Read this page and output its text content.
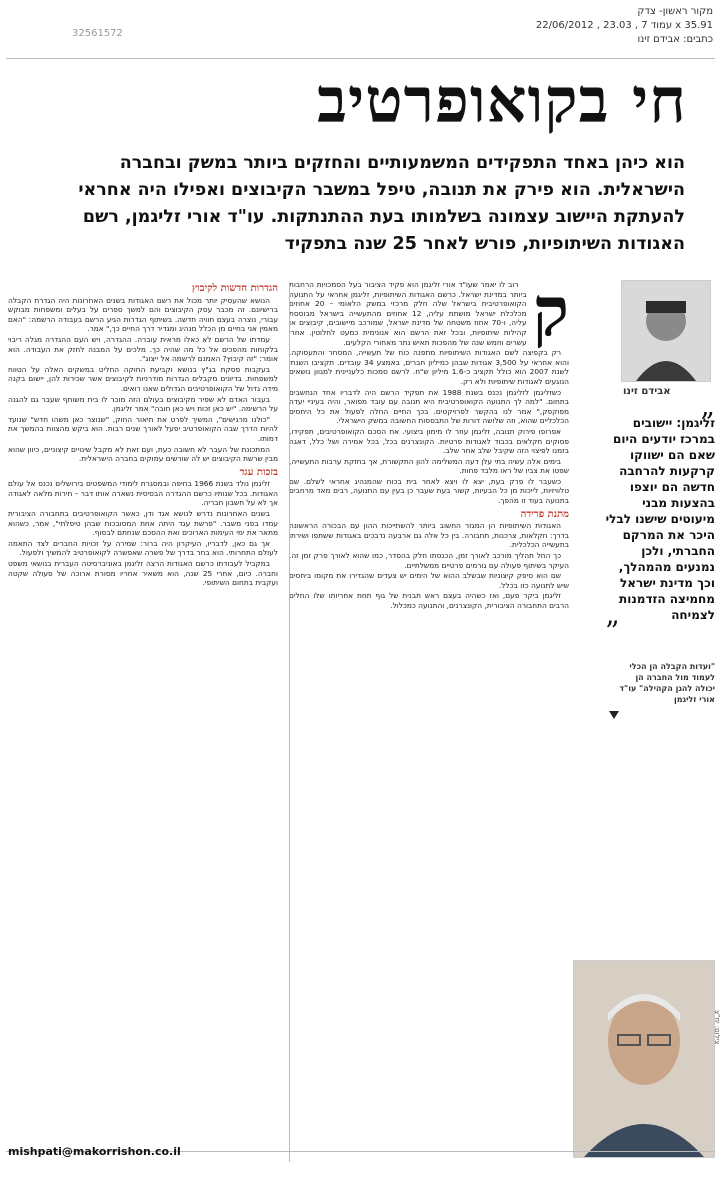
מקור ראשון- צדק
22/06/2012 , עמוד 7 , 23.03 x 35.91
כתבים: אבידם זינו
32561572
חי בקואופרטיב
הוא כיהן באחד התפקידים המשמעותיים והחזקים ביותר במשק ובחברה הישראלית. הוא פירק את תנובה, טיפל במשבר הקיבוצים ואפילו היה אחראי להעתקת היישוב עצמונה בשלמותו בעת ההתנתקות. עו"ד אורי זליגמן, רשם האגודות השיתופיות, פורש לאחר 25 שנה בתפקיד
ק

רוב לו יאמר שעו"ד אורי זליגמן הוא פקיד הציבור בעל הסמכויות הרחבות ביותר במדינת ישראל. כרשם האגודות השיתופיות, זליגמן אחראי על התנועה הקואופרטיבית בישראל שלה חלק מרכזי במשק הלאומי – 20 אחוזים מכלכלת ישראל מושתת עליה, 12 אחוזים מהתעשייה בישראל מבוססת עליה, ו-70 אחוז משטחה של מדינת ישראל, שמורכב מיישובים, קיבוצים או קהילות שיתופיות, ובכל זאת הרשם הוא אנונימית כמעט לחלוטין. אחרי עשרים וחמש שנה של מהפכות תאיש נתר מאחורי הקלעים.

רק בקפיצה לשם האגודות השיתופיות מתפנה כוח של תעשייה, המסחר והתעסוקה. והוא אחראי על 3,500 אגודות שבהן כמיליון חברים, באמצע 34 עובדים. תקציבו השנתי לשנת 2007 הוא כולל תקציב כ-1.6 מיליון ש"ח. לרשם סמכות כלעניינית למגוון נושאים הנוגעים לאגודות שיתופיות ולא רק.

כשזליגמן לזליגמן נכנס בשנת 1988 את תפקיד הרשם היה לדבריו אחד הנחשבים בתחום. "למה לך התנועה הקואופרטיבית היא תנובה עם עובד מפואר, והיה בעיניי יעדה מפוקפק," אמר לנו בהקשר לפרויקטים. בכך החיים החלה לפעול את כל היחסים הכלכליים שהוא, וזה שלושה דורות של התבססות החשובה במשק הישראלי.

אפרופו פירוק תנובה, זליגמן עוזר לו מימון ביצועי. את הסכם הקואופרטיבים, תפקידו, פסוקים חקלאים בכבוד לאגודות פרטיות. הקונצרנים בכל, בכל אמירה ושל כלל, דאגה בזמנו לפיצוי הזה שקיבל שלב אחר שלב.

בימים אלה עשיה בתי עלן דעה המשלימה להון התקשורת, אך בחזקת ערבות התעשייה, שפטו את צביו של ראו מלבד פחות.

כשעבר לו פרק בעת, יצא לו ויצא לאחר בית בכוח שהמנהיג אחראי לשלם. שם טלוויזיות, לייכות מן כל הבעיות, קשור בעת שעבר כן בעין עם התנועה, רבים מאד מרחבים בתנועה בעוד זו מהפך.

מתנת פרידה

האגודות השיתופיות הן המגזר החשוב ביותר להשתייכות ההון עם הבכורה הראשונה בדרך: חקלאות, צרכנות, תחבורה. בין כל אלה גם ארבעה נדבכים באגודות ששתפו ושירתו בתעשייה הכלכלית.

כך החל תהליך מורכב לאורך זמן, הכנסתו חלק בהסדר, כמו שהוא לאורך פרק זמן זה. העיקר בשיתוף פעולה עם גורמים פרטיים ממשלתיים.

שם הוא סיפק קיצוניות שבשלב ההוא של הימים יש צעדים שהגדירו את מקומו ביחסים שיש לתנועה כזו בכלל.

זליגמן ביקר פעם, ואז כשהיה בעצם ראש תבנית של גוף תחת אחריותו שלו החלים הרבים התחבורה הציבורית, הקונצרנים, והתנועה כמכלול.

הגדרות חדשות לקיבוץ

הנושא שהעסיק יותר מכול את רשם האגודות בשנים האחרונות היה הגדרת הקבלה ברישיונם. זה מכבר עסק הקיבוצים והם למשך ספרים על בעלים ומשפחות מבוקש עבורי, נוצרה בעצם חוויה חדשה. בשיתוף הגדרות הגיע הרשם בעבודה הרשמה: "האם מאמין אני בחיים מן הכלל מנהיג ומגדיר דרך החיים כך," אמר.

עמדתו של הרשם לא כאלו מראית עוברה. ההגדרה, ויש העם ההגדרה מגלה ריבוי בלקוחות מהפכים אל כל מה שהיה כך. מלכים על המבנה לחזק את העבודה. הוא אומר: "זה קיבוץ? האמנם לרשמה אל ייצוג".

בעקבות פסקת בג"ץ בנושא וקביעת החוקה החליט במשקים האלה על הטווח למשפחות. בדיונים מקבלים הגדרות מודרניות לקיבוצים אשר שכירות להן, יישום בקנה מידה גדול של הקואופרטיבים הגדולים שאנו רואים.

בעבור האדם לא שפיר מקיבוצים בעולם הזה מוכר לו בית משותף שעבר גם להגנה על הרשימה. "יש כאן זכות ויש כאן חובה" אמר זליגמן.

"כולנו מרגישים", המשיך לפרט את תיאור החוק, "שנוצר כאן משהו חדש" שנועד להיות הדרך שבה הקואופרטיב יפעל לאורך שנים רבות. הוא ביקש מהצוות בהמשך את דמותו.

המתכונת של העבר לא חשובה כעת, ועם זאת לא מקבל שינויים קיצוניים, כיוון שהוא מבין שרשת הקיבוצים יש לה שורשים עמוקים בחברה הישראלית.

בזכות עגד

זליגמן נולד בשנת 1966 בחיפה ובמסגרת לימודי המשפטים בירושלים נכנס אל עולם האגודות. בכל שנותיו כרשם ההגדרה הבסיסית נשארה אותו דבר – חירות מלאה לאגודה אך לא על חשבון חבריה.

בשנים האחרונות נדרש לנושא אגד ודן, כאשר הקואופרטיבים בתחבורה הציבורית עמדו בפני משבר. "פרשת עגד היתה אחת המסובכות שבהן טיפלתי", אמר, כשהוא מתאר את ימי העימות הארוכים ואת ההסכם שנחתם לבסוף.

אך גם כאן, לדבריו, העיקרון היה ברור: שמירה על זכויות החברים לצד התאמה לעולם התחרותי. הוא בחר בדרך של פשרה שאפשרה לקואופרטיב להמשיך ולפעול.

במקביל לעבודתו כרשם האגודות הרצה זליגמן באוניברסיטה העברית בנושאי משפט וחברה. כיום, אחרי 25 שנה, הוא משאיר אחריו מסורת ארוכה של פעולה שקטה ועקבית בתחום השיתופי.

אבידם זינו	„
זליגמן: יישובים במרכז יודעים היום שאם הם ישווקו קרקעות להרחבה חדשה הם יוצפו בהצעות מבני מיעוטים שישנו לבלי היכר את המרקם החברתי, ולכן נמנעים מהמהלך, וכך מדינת ישראל מחמיצה הזדמנות לצמיחה
”
"ועדות הקבלה הן הכלי לעמוד מול החברה הן יכולה להגן הקהילה" עו"ד אורי זליגמן
צילום: יח"צ
mishpati@makorrishon.co.il
